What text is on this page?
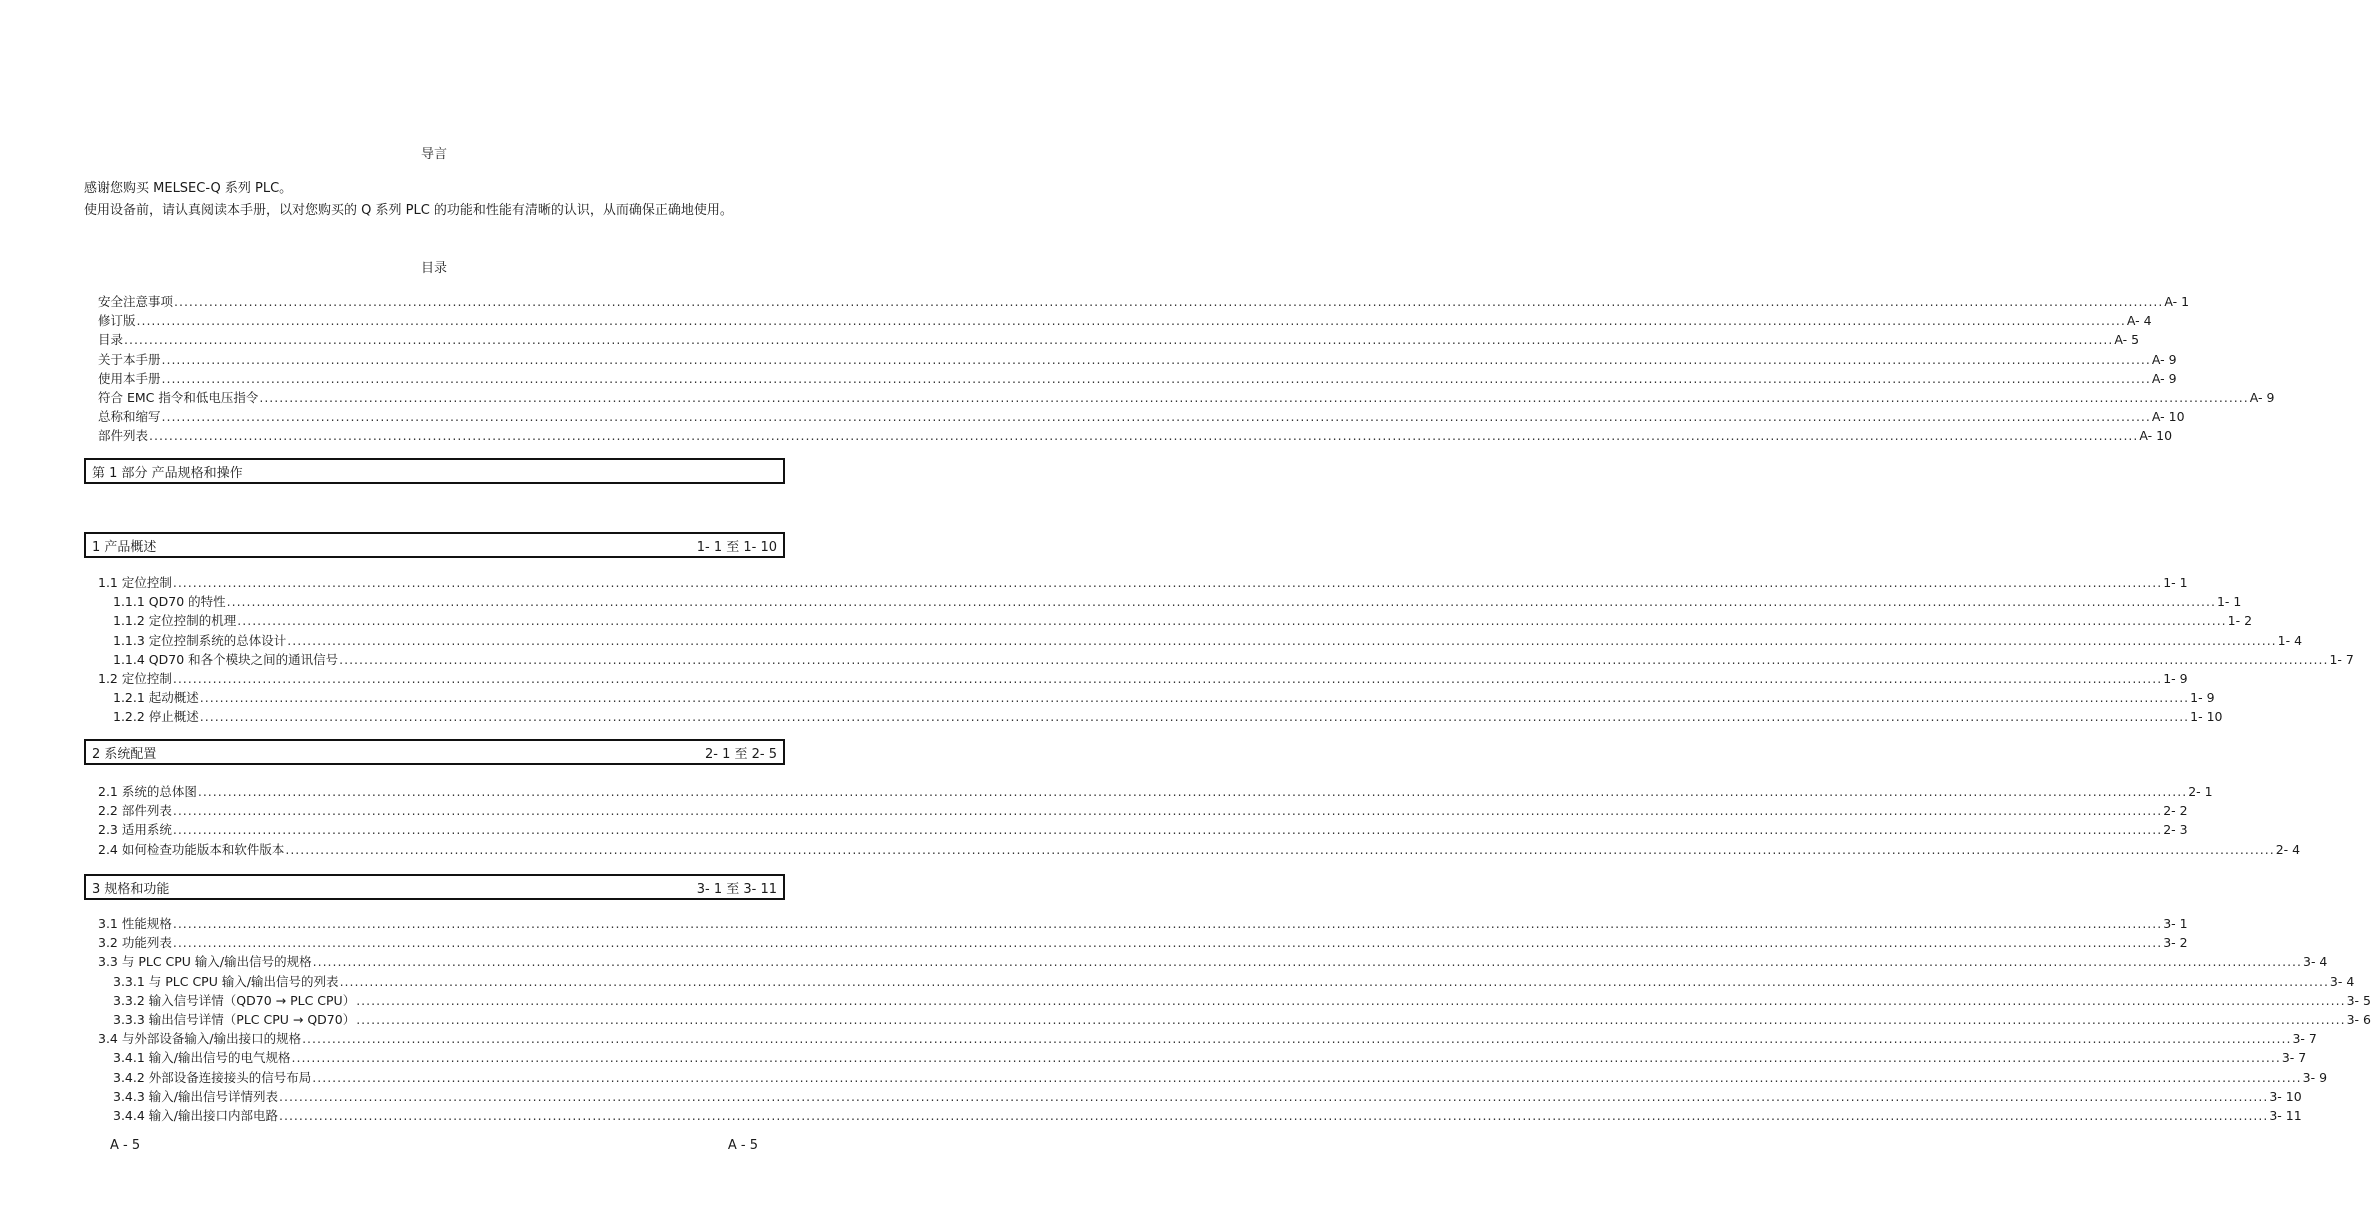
导言
感谢您购买 MELSEC-Q 系列 PLC。
使用设备前，请认真阅读本手册，以对您购买的 Q 系列 PLC 的功能和性能有清晰的认识，从而确保正确地使用。
目录
安全注意事项 ................................................................................................................................................................................................................................................................................................................................................................................................................ A- 1
修订版 ................................................................................................................................................................................................................................................................................................................................................................................................................ A- 4
目录 ................................................................................................................................................................................................................................................................................................................................................................................................................ A- 5
关于本手册 ................................................................................................................................................................................................................................................................................................................................................................................................................ A- 9
使用本手册 ................................................................................................................................................................................................................................................................................................................................................................................................................ A- 9
符合 EMC 指令和低电压指令 ................................................................................................................................................................................................................................................................................................................................................................................................................ A- 9
总称和缩写 ................................................................................................................................................................................................................................................................................................................................................................................................................ A- 10
部件列表 ................................................................................................................................................................................................................................................................................................................................................................................................................ A- 10
第 1 部分 产品规格和操作
1 产品概述	1- 1 至 1- 10
1.1 定位控制 ................................................................................................................................................................................................................................................................................................................................................................................................................ 1- 1
1.1.1 QD70 的特性 ................................................................................................................................................................................................................................................................................................................................................................................................................ 1- 1
1.1.2 定位控制的机理 ................................................................................................................................................................................................................................................................................................................................................................................................................ 1- 2
1.1.3 定位控制系统的总体设计 ................................................................................................................................................................................................................................................................................................................................................................................................................ 1- 4
1.1.4 QD70 和各个模块之间的通讯信号 ................................................................................................................................................................................................................................................................................................................................................................................................................ 1- 7
1.2 定位控制 ................................................................................................................................................................................................................................................................................................................................................................................................................ 1- 9
1.2.1 起动概述 ................................................................................................................................................................................................................................................................................................................................................................................................................ 1- 9
1.2.2 停止概述 ................................................................................................................................................................................................................................................................................................................................................................................................................ 1- 10
2 系统配置	2- 1 至 2- 5
2.1 系统的总体图 ................................................................................................................................................................................................................................................................................................................................................................................................................ 2- 1
2.2 部件列表 ................................................................................................................................................................................................................................................................................................................................................................................................................ 2- 2
2.3 适用系统 ................................................................................................................................................................................................................................................................................................................................................................................................................ 2- 3
2.4 如何检查功能版本和软件版本 ................................................................................................................................................................................................................................................................................................................................................................................................................ 2- 4
3 规格和功能	3- 1 至 3- 11
3.1 性能规格 ................................................................................................................................................................................................................................................................................................................................................................................................................ 3- 1
3.2 功能列表 ................................................................................................................................................................................................................................................................................................................................................................................................................ 3- 2
3.3 与 PLC CPU 输入/输出信号的规格 ................................................................................................................................................................................................................................................................................................................................................................................................................ 3- 4
3.3.1 与 PLC CPU 输入/输出信号的列表 ................................................................................................................................................................................................................................................................................................................................................................................................................ 3- 4
3.3.2 输入信号详情（QD70 → PLC CPU） ................................................................................................................................................................................................................................................................................................................................................................................................................ 3- 5
3.3.3 输出信号详情（PLC CPU → QD70） ................................................................................................................................................................................................................................................................................................................................................................................................................ 3- 6
3.4 与外部设备输入/输出接口的规格 ................................................................................................................................................................................................................................................................................................................................................................................................................ 3- 7
3.4.1 输入/输出信号的电气规格 ................................................................................................................................................................................................................................................................................................................................................................................................................ 3- 7
3.4.2 外部设备连接接头的信号布局 ................................................................................................................................................................................................................................................................................................................................................................................................................ 3- 9
3.4.3 输入/输出信号详情列表 ................................................................................................................................................................................................................................................................................................................................................................................................................ 3- 10
3.4.4 输入/输出接口内部电路 ................................................................................................................................................................................................................................................................................................................................................................................................................ 3- 11
A - 5	A - 5
